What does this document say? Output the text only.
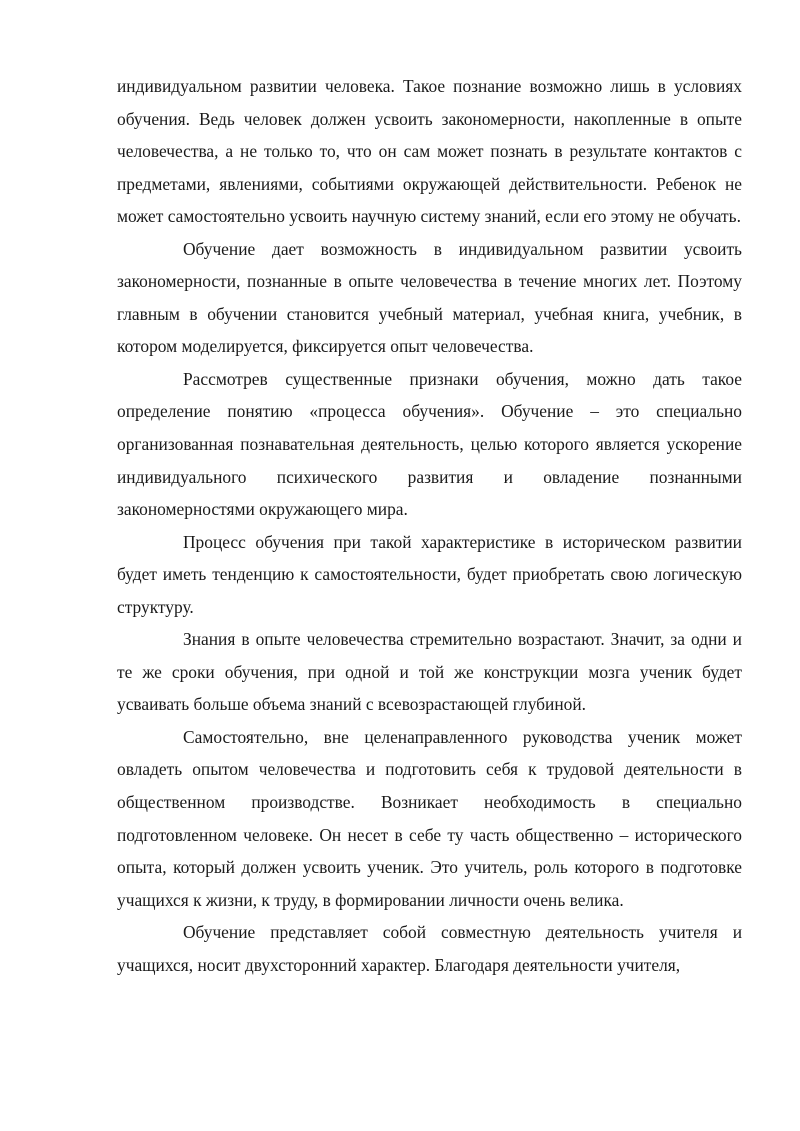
индивидуальном развитии человека. Такое познание возможно лишь в условиях обучения. Ведь человек должен усвоить закономерности, накопленные в опыте человечества, а не только то, что он сам может познать в результате контактов с предметами, явлениями, событиями окружающей действительности. Ребенок не может самостоятельно усвоить научную систему знаний, если его этому не обучать.

Обучение дает возможность в индивидуальном развитии усвоить закономерности, познанные в опыте человечества в течение многих лет. Поэтому главным в обучении становится учебный материал, учебная книга, учебник, в котором моделируется, фиксируется опыт человечества.

Рассмотрев существенные признаки обучения, можно дать такое определение понятию «процесса обучения». Обучение – это специально организованная познавательная деятельность, целью которого является ускорение индивидуального психического развития и овладение познанными закономерностями окружающего мира.

Процесс обучения при такой характеристике в историческом развитии будет иметь тенденцию к самостоятельности, будет приобретать свою логическую структуру.

Знания в опыте человечества стремительно возрастают. Значит, за одни и те же сроки обучения, при одной и той же конструкции мозга ученик будет усваивать больше объема знаний с всевозрастающей глубиной.

Самостоятельно, вне целенаправленного руководства ученик может овладеть опытом человечества и подготовить себя к трудовой деятельности в общественном производстве. Возникает необходимость в специально подготовленном человеке. Он несет в себе ту часть общественно – исторического опыта, который должен усвоить ученик. Это учитель, роль которого в подготовке учащихся к жизни, к труду, в формировании личности очень велика.

Обучение представляет собой совместную деятельность учителя и учащихся, носит двухсторонний характер. Благодаря деятельности учителя,
